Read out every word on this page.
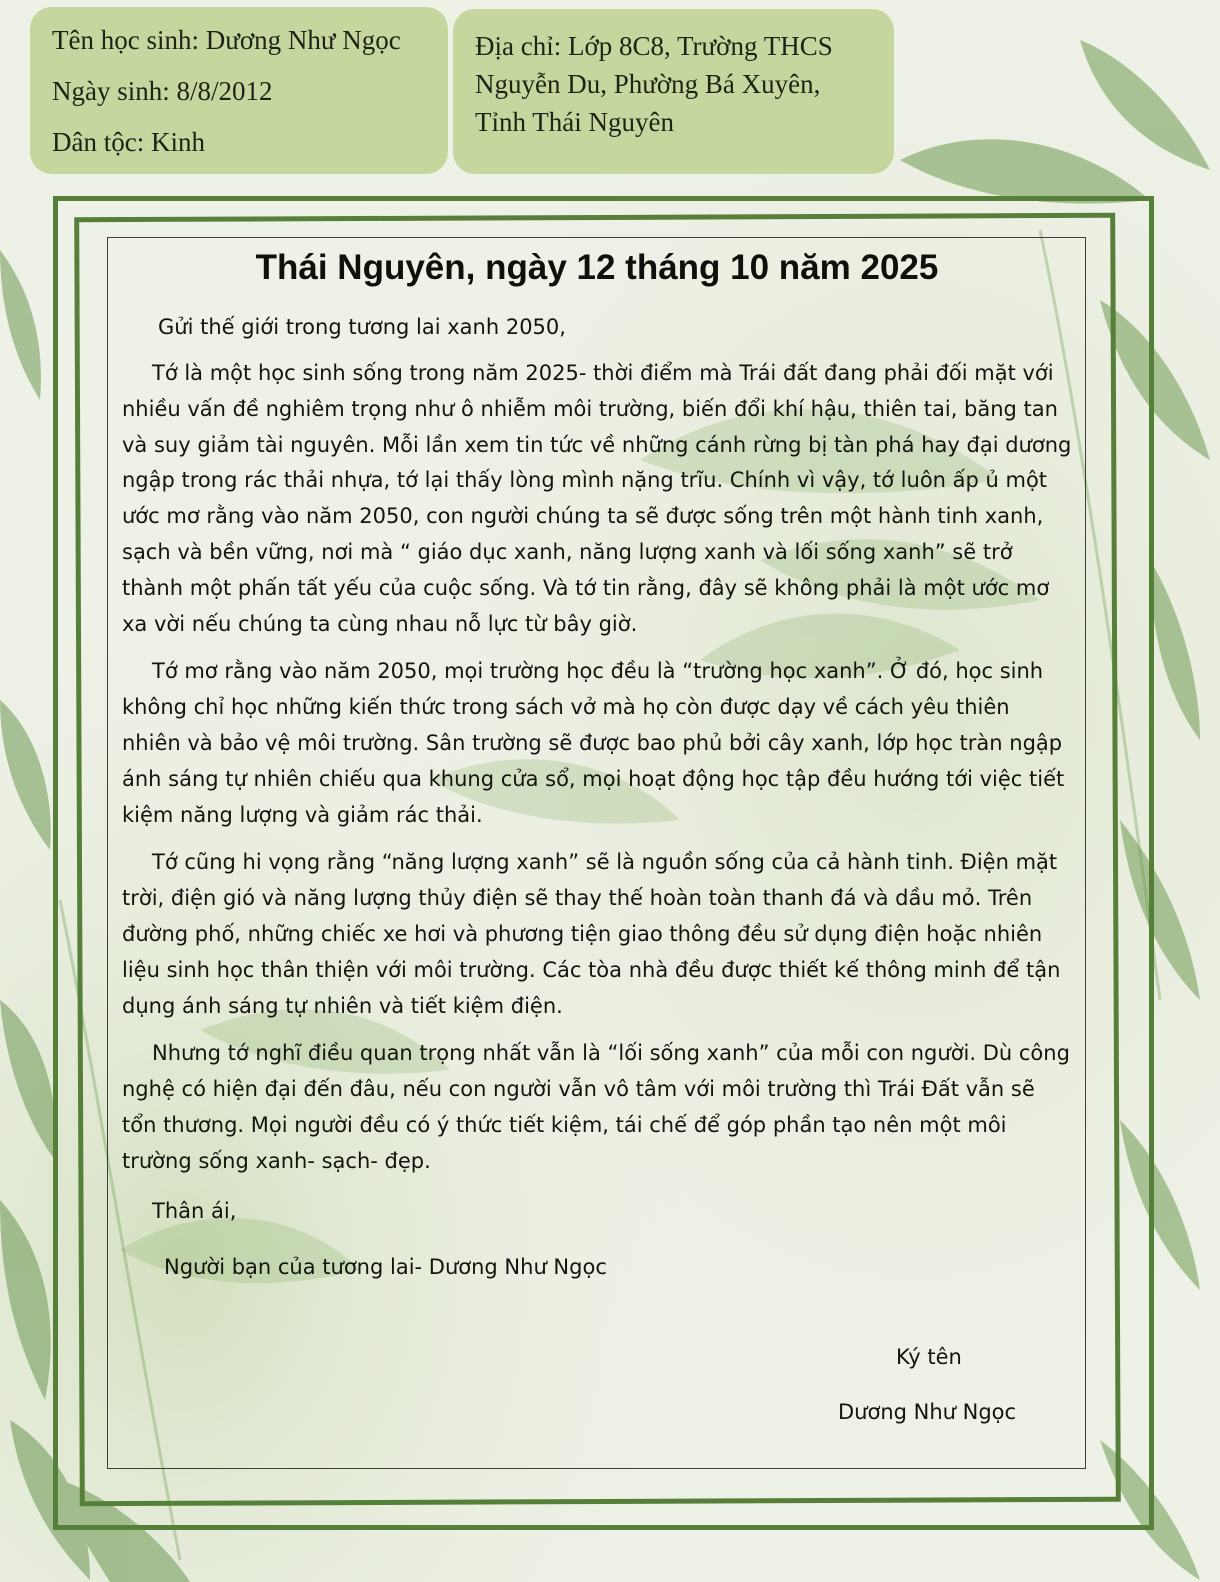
Tên học sinh: Dương Như Ngọc
Ngày sinh: 8/8/2012
Dân tộc: Kinh
Địa chỉ: Lớp 8C8, Trường THCS
Nguyễn Du, Phường Bá Xuyên,
Tỉnh Thái Nguyên
Thái Nguyên, ngày 12 tháng 10 năm 2025
Gửi thế giới trong tương lai xanh 2050,

Tớ là một học sinh sống trong năm 2025- thời điểm mà Trái đất đang phải đối mặt với nhiều vấn đề nghiêm trọng như ô nhiễm môi trường, biến đổi khí hậu, thiên tai, băng tan và suy giảm tài nguyên. Mỗi lần xem tin tức về những cánh rừng bị tàn phá hay đại dương ngập trong rác thải nhựa, tớ lại thấy lòng mình nặng trĩu. Chính vì vậy, tớ luôn ấp ủ một ước mơ rằng vào năm 2050, con người chúng ta sẽ được sống trên một hành tinh xanh, sạch và bền vững, nơi mà “ giáo dục xanh, năng lượng xanh và lối sống xanh” sẽ trở thành một phấn tất yếu của cuộc sống. Và tớ tin rằng, đây sẽ không phải là một ước mơ xa vời nếu chúng ta cùng nhau nỗ lực từ bây giờ.

Tớ mơ rằng vào năm 2050, mọi trường học đều là “trường học xanh”. Ở đó, học sinh không chỉ học những kiến thức trong sách vở mà họ còn được dạy về cách yêu thiên nhiên và bảo vệ môi trường. Sân trường sẽ được bao phủ bởi cây xanh, lớp học tràn ngập ánh sáng tự nhiên chiếu qua khung cửa sổ, mọi hoạt động học tập đều hướng tới việc tiết kiệm năng lượng và giảm rác thải.

Tớ cũng hi vọng rằng “năng lượng xanh” sẽ là nguồn sống của cả hành tinh. Điện mặt trời, điện gió và năng lượng thủy điện sẽ thay thế hoàn toàn thanh đá và dầu mỏ. Trên đường phố, những chiếc xe hơi và phương tiện giao thông đều sử dụng điện hoặc nhiên liệu sinh học thân thiện với môi trường. Các tòa nhà đều được thiết kế thông minh để tận dụng ánh sáng tự nhiên và tiết kiệm điện.

Nhưng tớ nghĩ điều quan trọng nhất vẫn là “lối sống xanh” của mỗi con người. Dù công nghệ có hiện đại đến đâu, nếu con người vẫn vô tâm với môi trường thì Trái Đất vẫn sẽ tổn thương. Mọi người đều có ý thức tiết kiệm, tái chế để góp phần tạo nên một môi trường sống xanh- sạch- đẹp.

Thân ái,
Người bạn của tương lai- Dương Như Ngọc
Ký tên
Dương Như Ngọc
